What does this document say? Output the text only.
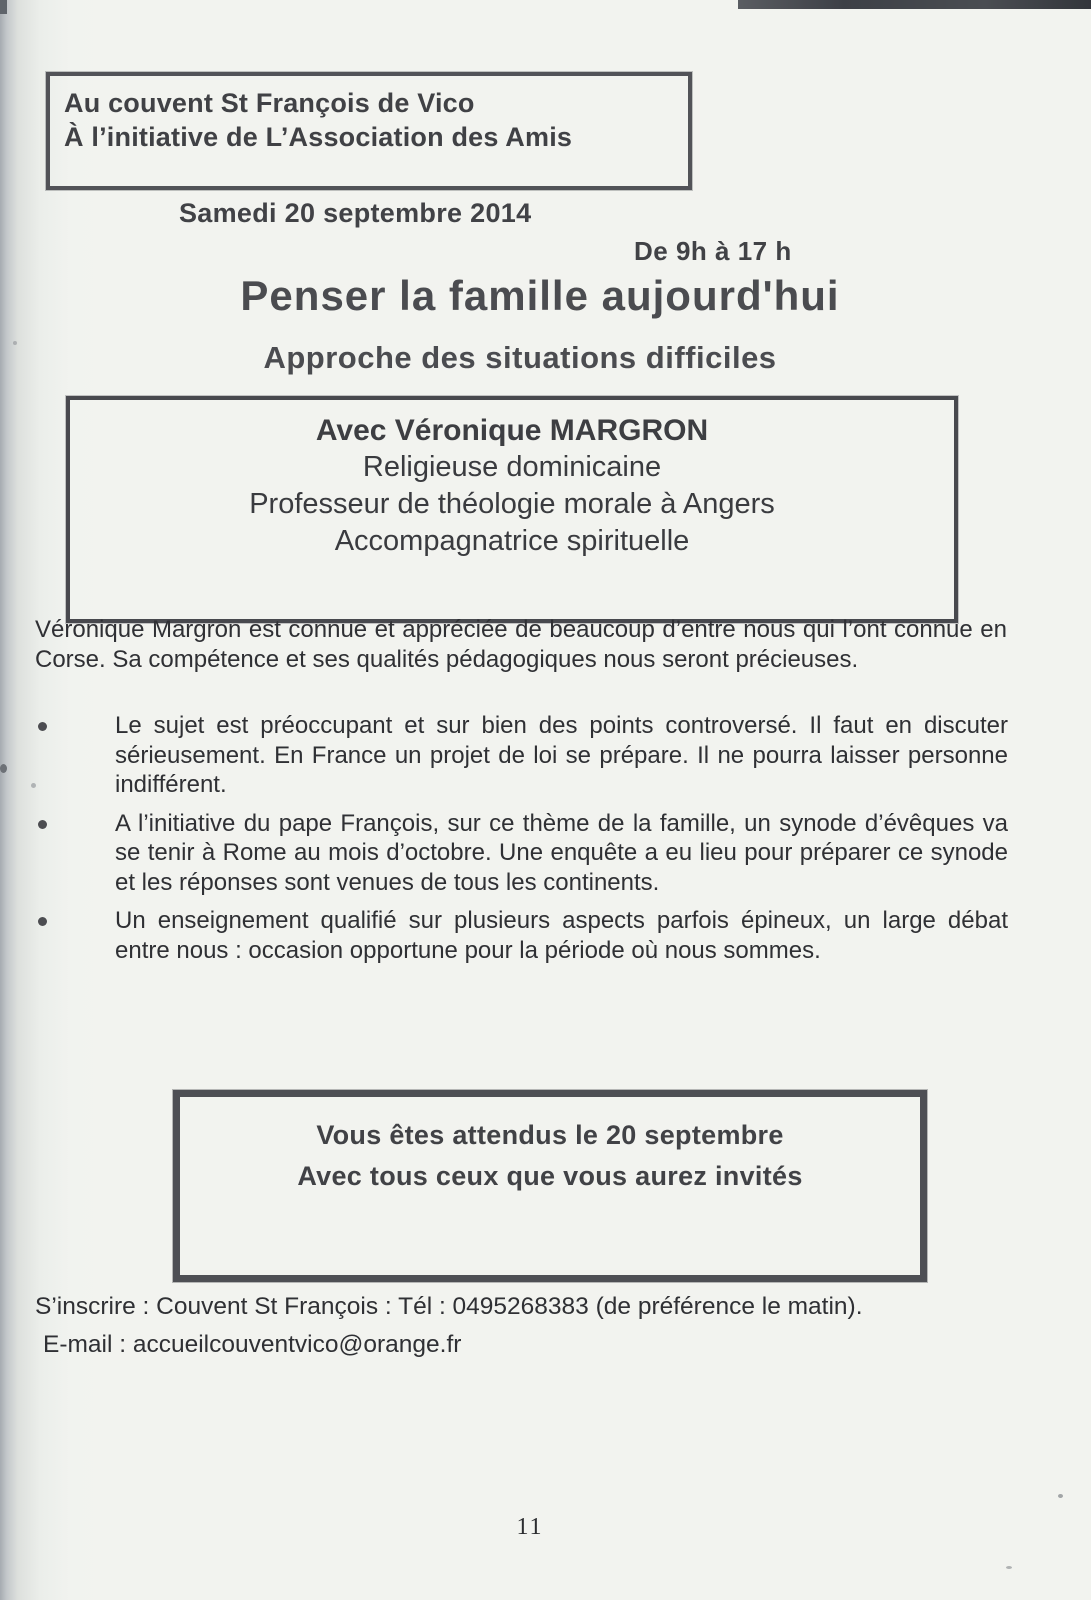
Au couvent St François de Vico
À l’initiative de L’Association des Amis
Samedi 20 septembre 2014
De 9h à 17 h
Penser la famille aujourd'hui
Approche des situations difficiles
Avec Véronique MARGRON
Religieuse dominicaine
Professeur de théologie morale à Angers
Accompagnatrice spirituelle

Véronique Margron est connue et appréciée de beaucoup d’entre nous qui l’ont connue en Corse. Sa compétence et ses qualités pédagogiques nous seront précieuses.

Le sujet est préoccupant et sur bien des points controversé. Il faut en discuter sérieusement. En France un projet de loi se prépare. Il ne pourra laisser personne indifférent.
A l’initiative du pape François, sur ce thème de la famille, un synode d’évêques va se tenir à Rome au mois d’octobre. Une enquête a eu lieu pour préparer ce synode et les réponses sont venues de tous les continents.
Un enseignement qualifié sur plusieurs aspects parfois épineux, un large débat entre nous : occasion opportune pour la période où nous sommes.
Vous êtes attendus le 20 septembre
Avec tous ceux que vous aurez invités

S’inscrire : Couvent St François : Tél : 0495268383 (de préférence le matin).

E-mail : accueilcouventvico@orange.fr

11
